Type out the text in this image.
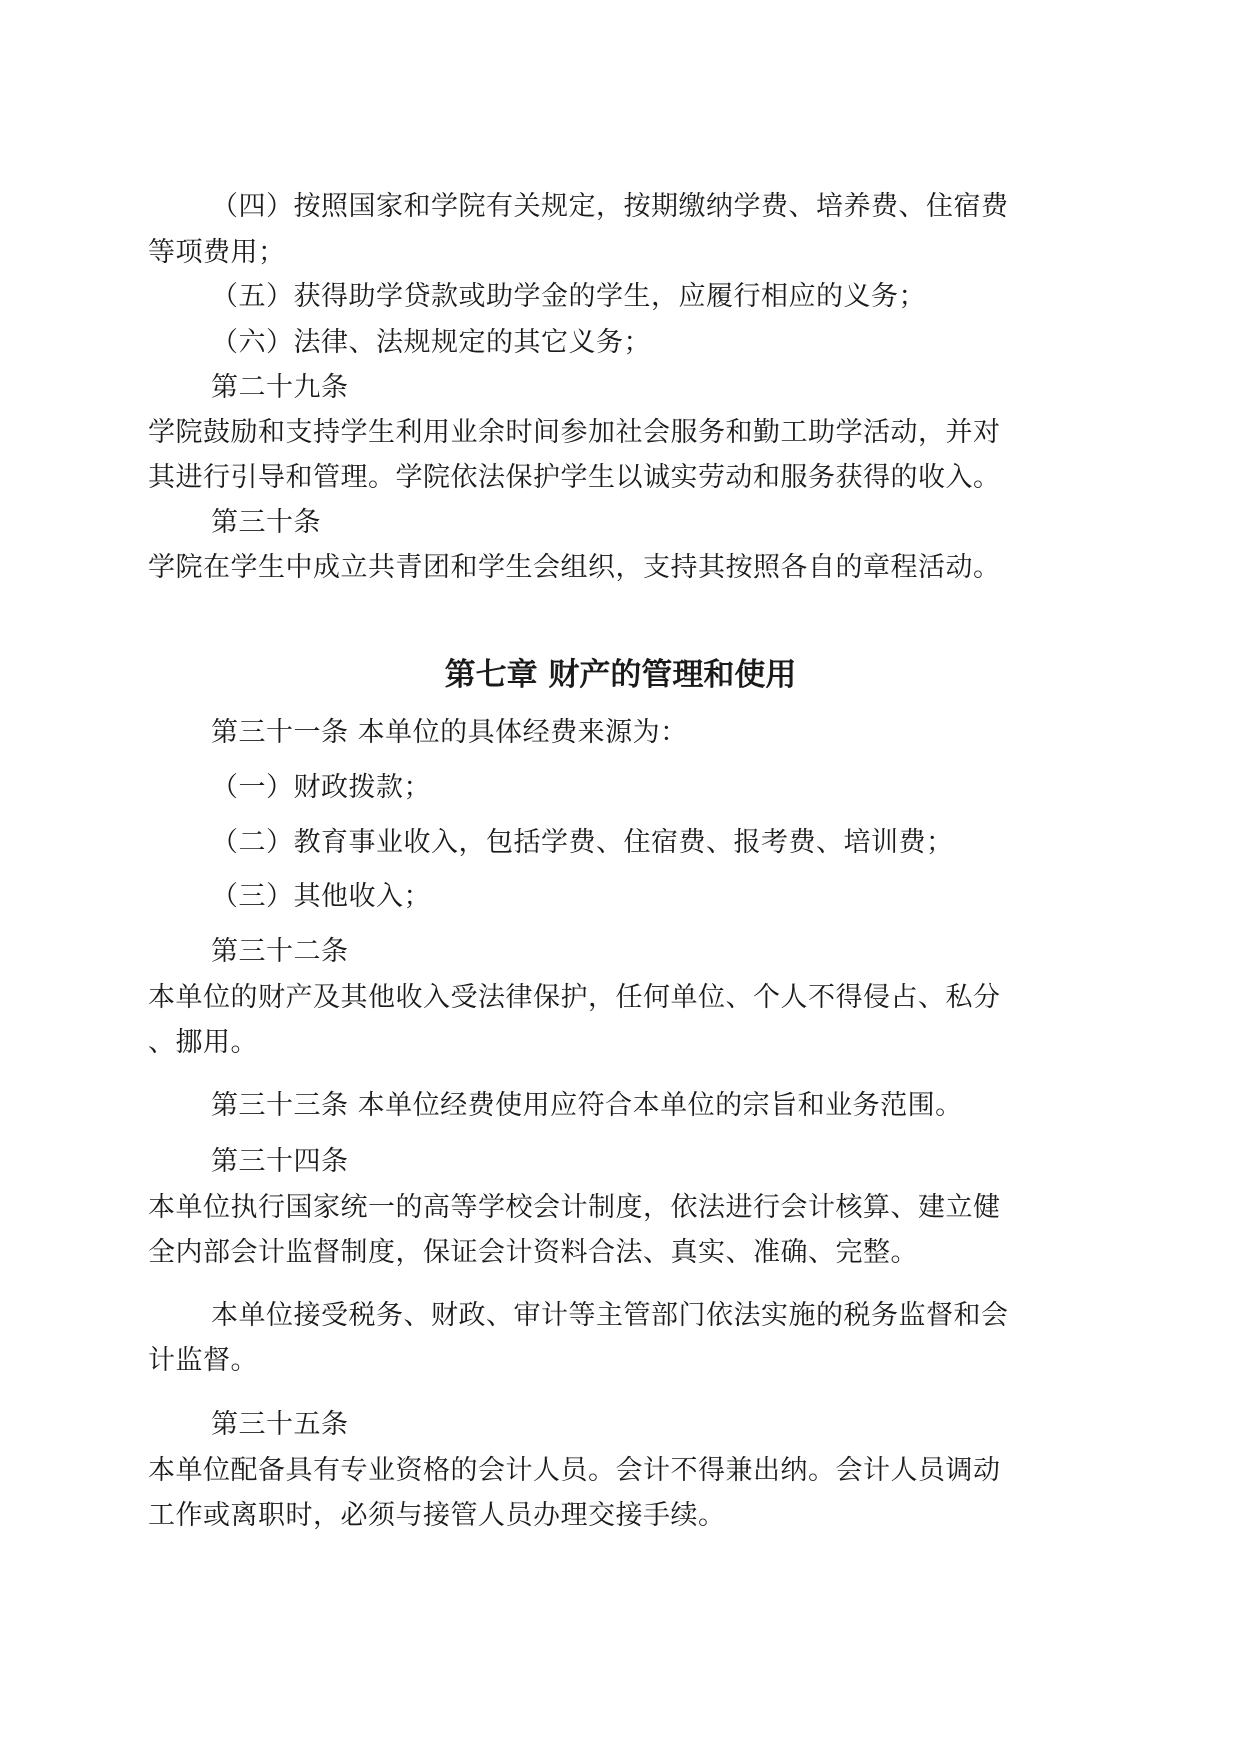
（四）按照国家和学院有关规定，按期缴纳学费、培养费、住宿费
等项费用；
（五）获得助学贷款或助学金的学生，应履行相应的义务；
（六）法律、法规规定的其它义务；
第二十九条
学院鼓励和支持学生利用业余时间参加社会服务和勤工助学活动，并对
其进行引导和管理。学院依法保护学生以诚实劳动和服务获得的收入。
第三十条
学院在学生中成立共青团和学生会组织，支持其按照各自的章程活动。
第七章 财产的管理和使用
第三十一条 本单位的具体经费来源为：
（一）财政拨款；
（二）教育事业收入，包括学费、住宿费、报考费、培训费；
（三）其他收入；
第三十二条
本单位的财产及其他收入受法律保护，任何单位、个人不得侵占、私分
、挪用。
第三十三条 本单位经费使用应符合本单位的宗旨和业务范围。
第三十四条
本单位执行国家统一的高等学校会计制度，依法进行会计核算、建立健
全内部会计监督制度，保证会计资料合法、真实、准确、完整。
本单位接受税务、财政、审计等主管部门依法实施的税务监督和会
计监督。
第三十五条
本单位配备具有专业资格的会计人员。会计不得兼出纳。会计人员调动
工作或离职时，必须与接管人员办理交接手续。
